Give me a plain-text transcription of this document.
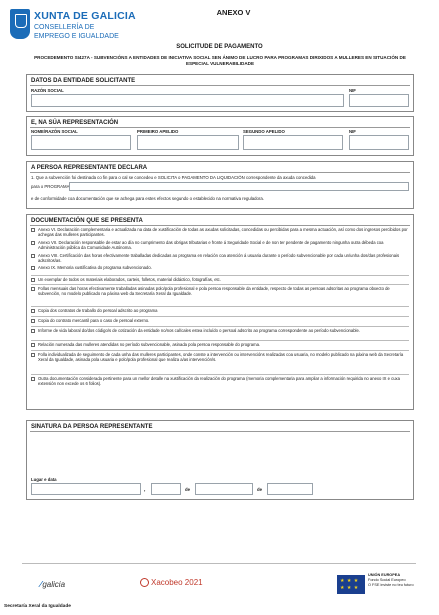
XUNTA DE GALICIA
CONSELLERÍA DE
EMPREGO E IGUALDADE
ANEXO V
SOLICITUDE DE PAGAMENTO
PROCEDEMENTO SI427A - SUBVENCIÓNS A ENTIDADES DE INICIATIVA SOCIAL SEN ÁNIMO DE LUCRO PARA PROGRAMAS DIRIXIDOS A MULLERES EN SITUACIÓN DE ESPECIAL VULNERABILIDADE
DATOS DA ENTIDADE SOLICITANTE
RAZÓN SOCIAL	NIF
E, NA SÚA REPRESENTACIÓN
NOME/RAZÓN SOCIAL	PRIMEIRO APELIDO	SEGUNDO APELIDO	NIF
A PERSOA REPRESENTANTE DECLARA
1. Que a subvención foi destinada co fin para o cal se concedeu e SOLICITA o PAGAMENTO DA LIQUIDACIÓN correspondente da axuda concedida
para o PROGRAMA
e de conformidade coa documentación que se achega para estes efectos segundo o establecido na normativa reguladora.
DOCUMENTACIÓN QUE SE PRESENTA
Anexo VI. Declaración complementaria e actualizada na data de xustificación de todas as axudas solicitadas, concedidas ou percibidas para a mesma actuación, así como dos ingresos percibidos por achegas das mulleres participantes.
Anexo VII. Declaración responsable de estar ao día no cumprimento das obrigas tributarias e fronte á Seguridade Social e de non ter pendente de pagamento ningunha outra débeda coa Administración pública da Comunidade Autónoma.
Anexo VIII. Certificación das horas efectivamente traballadas dedicadas ao programa en relación coa atención á usuaria durante o período subvencionable por cada un/unha dos/das profesionais adscritos/as.
Anexo IX. Memoria xustificativa do programa subvencionado.
Un exemplar de todos os materiais elaborados, carteis, folletos, material didáctico, fotografías, etc.
Follas mensuais das horas efectivamente traballadas asinadas polo/pola profesional e pola persoa responsable da entidade, respecto de todas as persoas adscritas ao programa obxecto de subvención, no modelo publicado na páxina web da Secretaría Xeral da Igualdade.
Copia dos contratos de traballo do persoal adscrito ao programa
Copia do contrato mercantil para o caso de persoal externo.
Informe de vida laboral do/dos código/s de cotización da entidade no/nos cal/cales estea incluído o persoal adscrito ao programa correspondente ao período subvencionable.
Relación numerada das mulleres atendidas no período subvencionable, asinada pola persoa responsable do programa.
Folla individualizada de seguimento de cada unha das mulleres participantes, onde conste a intervención ou intervencións realizadas coa usuaria, no modelo publicado na páxina web da Secretaría Xeral da Igualdade, asinada pola usuaria e polo/pola profesional que realiza a/as intervención/s.
Outra documentación considerada pertinente para un mellor detalle na xustificación da realización do programa (memoria complementaria para ampliar a información requirida no anexo IX e cuxa extensión non excede os 6 folios).
SINATURA DA PERSOA REPRESENTANTE
Lugar e data
,	de	de
⁄galicia	Xacobeo 2021
★ ★ ★ ★ ★ ★
UNIÓN EUROPEA
Fondo Social Europeo
O FSE inviste no teu futuro
Secretaría Xeral da Igualdade
